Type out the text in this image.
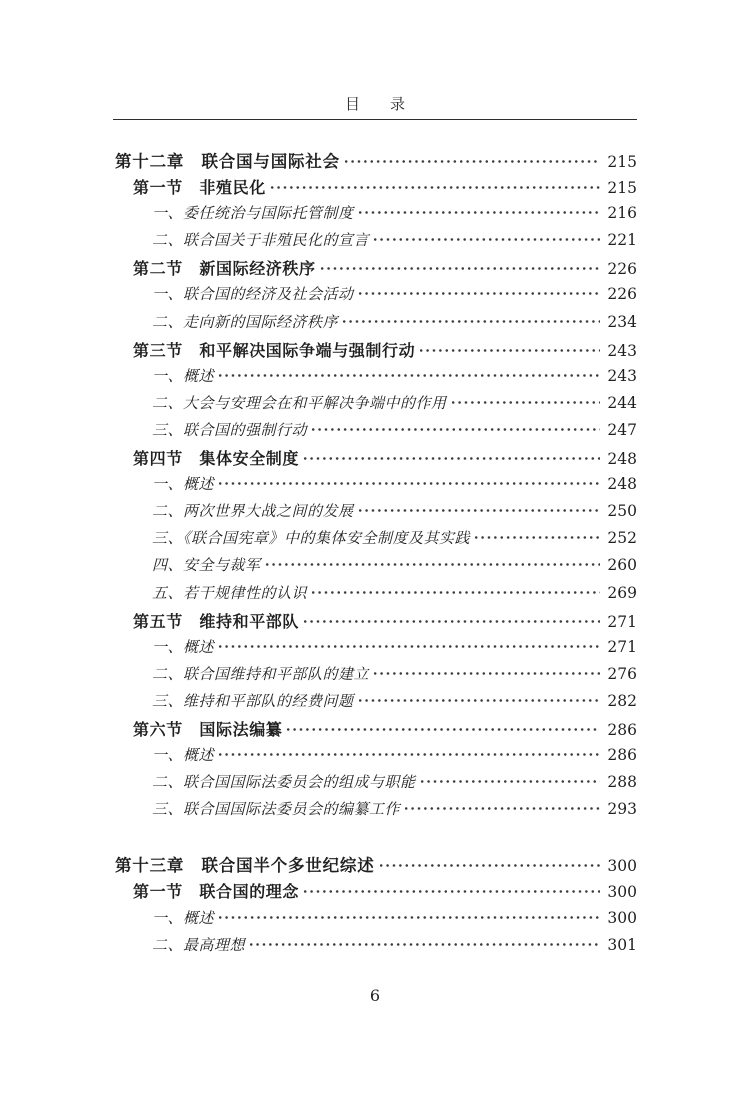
目　　录
第十二章　联合国与国际社会	215
第一节　非殖民化	215
一、委任统治与国际托管制度	216
二、联合国关于非殖民化的宣言	221
第二节　新国际经济秩序	226
一、联合国的经济及社会活动	226
二、走向新的国际经济秩序	234
第三节　和平解决国际争端与强制行动	243
一、概述	243
二、大会与安理会在和平解决争端中的作用	244
三、联合国的强制行动	247
第四节　集体安全制度	248
一、概述	248
二、两次世界大战之间的发展	250
三、《联合国宪章》中的集体安全制度及其实践	252
四、安全与裁军	260
五、若干规律性的认识	269
第五节　维持和平部队	271
一、概述	271
二、联合国维持和平部队的建立	276
三、维持和平部队的经费问题	282
第六节　国际法编纂	286
一、概述	286
二、联合国国际法委员会的组成与职能	288
三、联合国国际法委员会的编纂工作	293
第十三章　联合国半个多世纪综述	300
第一节　联合国的理念	300
一、概述	300
二、最高理想	301
6
